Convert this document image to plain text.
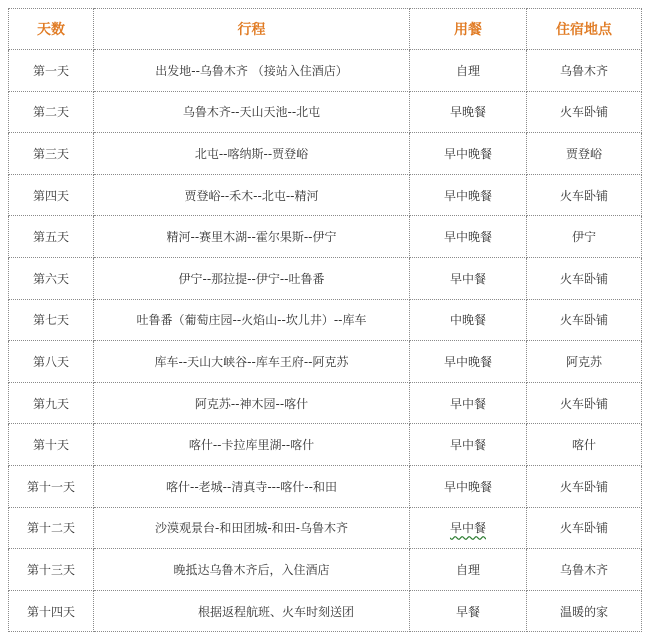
天数	行程	用餐	住宿地点
第一天	出发地--乌鲁木齐 （接站入住酒店）	自理	乌鲁木齐
第二天	乌鲁木齐--天山天池--北屯	早晚餐	火车卧铺
第三天	北屯--喀纳斯--贾登峪	早中晚餐	贾登峪
第四天	贾登峪--禾木--北屯--精河	早中晚餐	火车卧铺
第五天	精河--赛里木湖--霍尔果斯--伊宁	早中晚餐	伊宁
第六天	伊宁--那拉提--伊宁--吐鲁番	早中餐	火车卧铺
第七天	吐鲁番（葡萄庄园--火焰山--坎儿井）--库车	中晚餐	火车卧铺
第八天	库车--天山大峡谷--库车王府--阿克苏	早中晚餐	阿克苏
第九天	阿克苏--神木园--喀什	早中餐	火车卧铺
第十天	喀什--卡拉库里湖--喀什	早中餐	喀什
第十一天	喀什--老城--清真寺---喀什--和田	早中晚餐	火车卧铺
第十二天	沙漠观景台-和田团城-和田-乌鲁木齐	早中餐	火车卧铺
第十三天	晚抵达乌鲁木齐后，入住酒店	自理	乌鲁木齐
第十四天	根据返程航班、火车时刻送团	早餐	温暖的家
